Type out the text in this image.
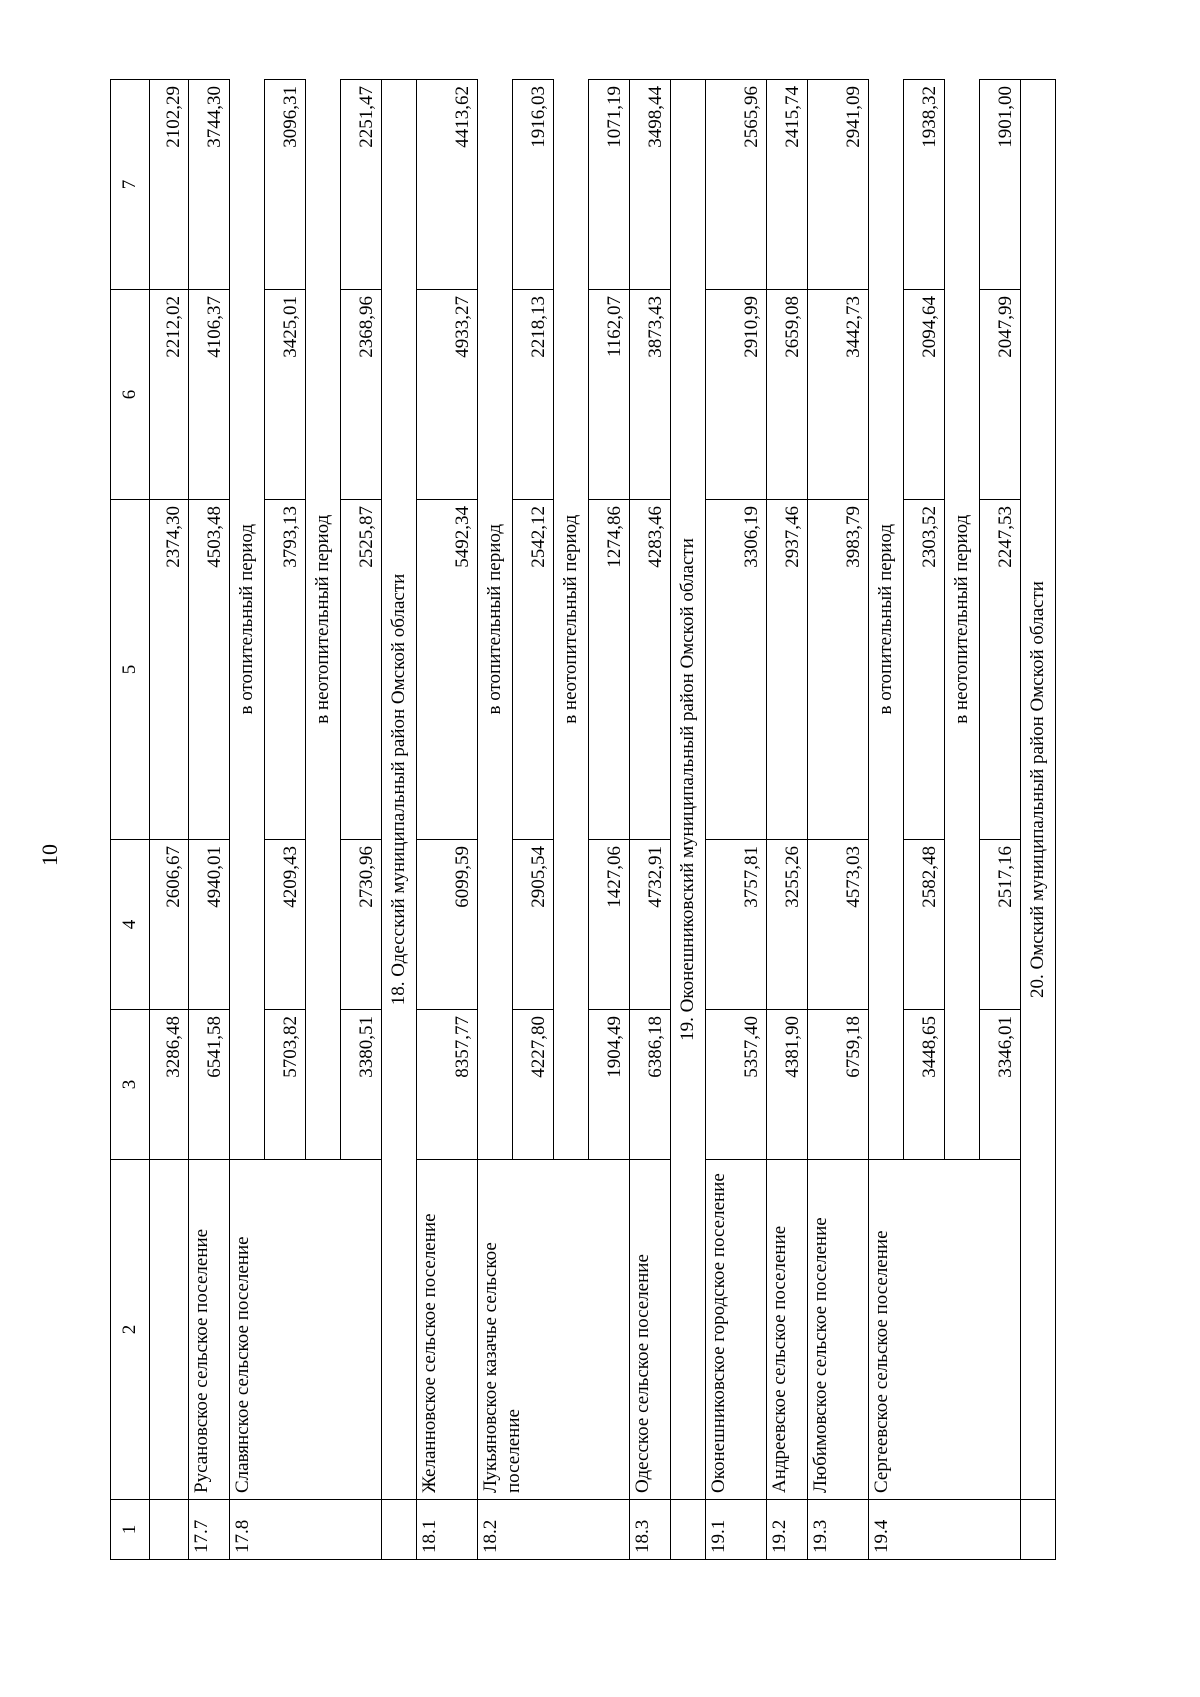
10
1	2	3	4	5	6	7
		3286,48	2606,67	2374,30	2212,02	2102,29
17.7	Русановское сельское поселение	6541,58	4940,01	4503,48	4106,37	3744,30
17.8	Славянское сельское поселение	в отопительный период				
		5703,82	4209,43	3793,13	3425,01	3096,31
		в неотопительный период				
		3380,51	2730,96	2525,87	2368,96	2251,47
	18. Одесский муниципальный район Омской области					
18.1	Желанновское сельское поселение	8357,77	6099,59	5492,34	4933,27	4413,62
18.2	Лукьяновское казачье сельское поселение	в отопительный период				
		4227,80	2905,54	2542,12	2218,13	1916,03
		в неотопительный период				
		1904,49	1427,06	1274,86	1162,07	1071,19
18.3	Одесское сельское поселение	6386,18	4732,91	4283,46	3873,43	3498,44
	19. Оконешниковский муниципальный район Омской области					
19.1	Оконешниковское городское поселение	5357,40	3757,81	3306,19	2910,99	2565,96
19.2	Андреевское сельское поселение	4381,90	3255,26	2937,46	2659,08	2415,74
19.3	Любимовское сельское поселение	6759,18	4573,03	3983,79	3442,73	2941,09
19.4	Сергеевское сельское поселение	в отопительный период				
		3448,65	2582,48	2303,52	2094,64	1938,32
		в неотопительный период				
		3346,01	2517,16	2247,53	2047,99	1901,00
	20. Омский муниципальный район Омской области					
